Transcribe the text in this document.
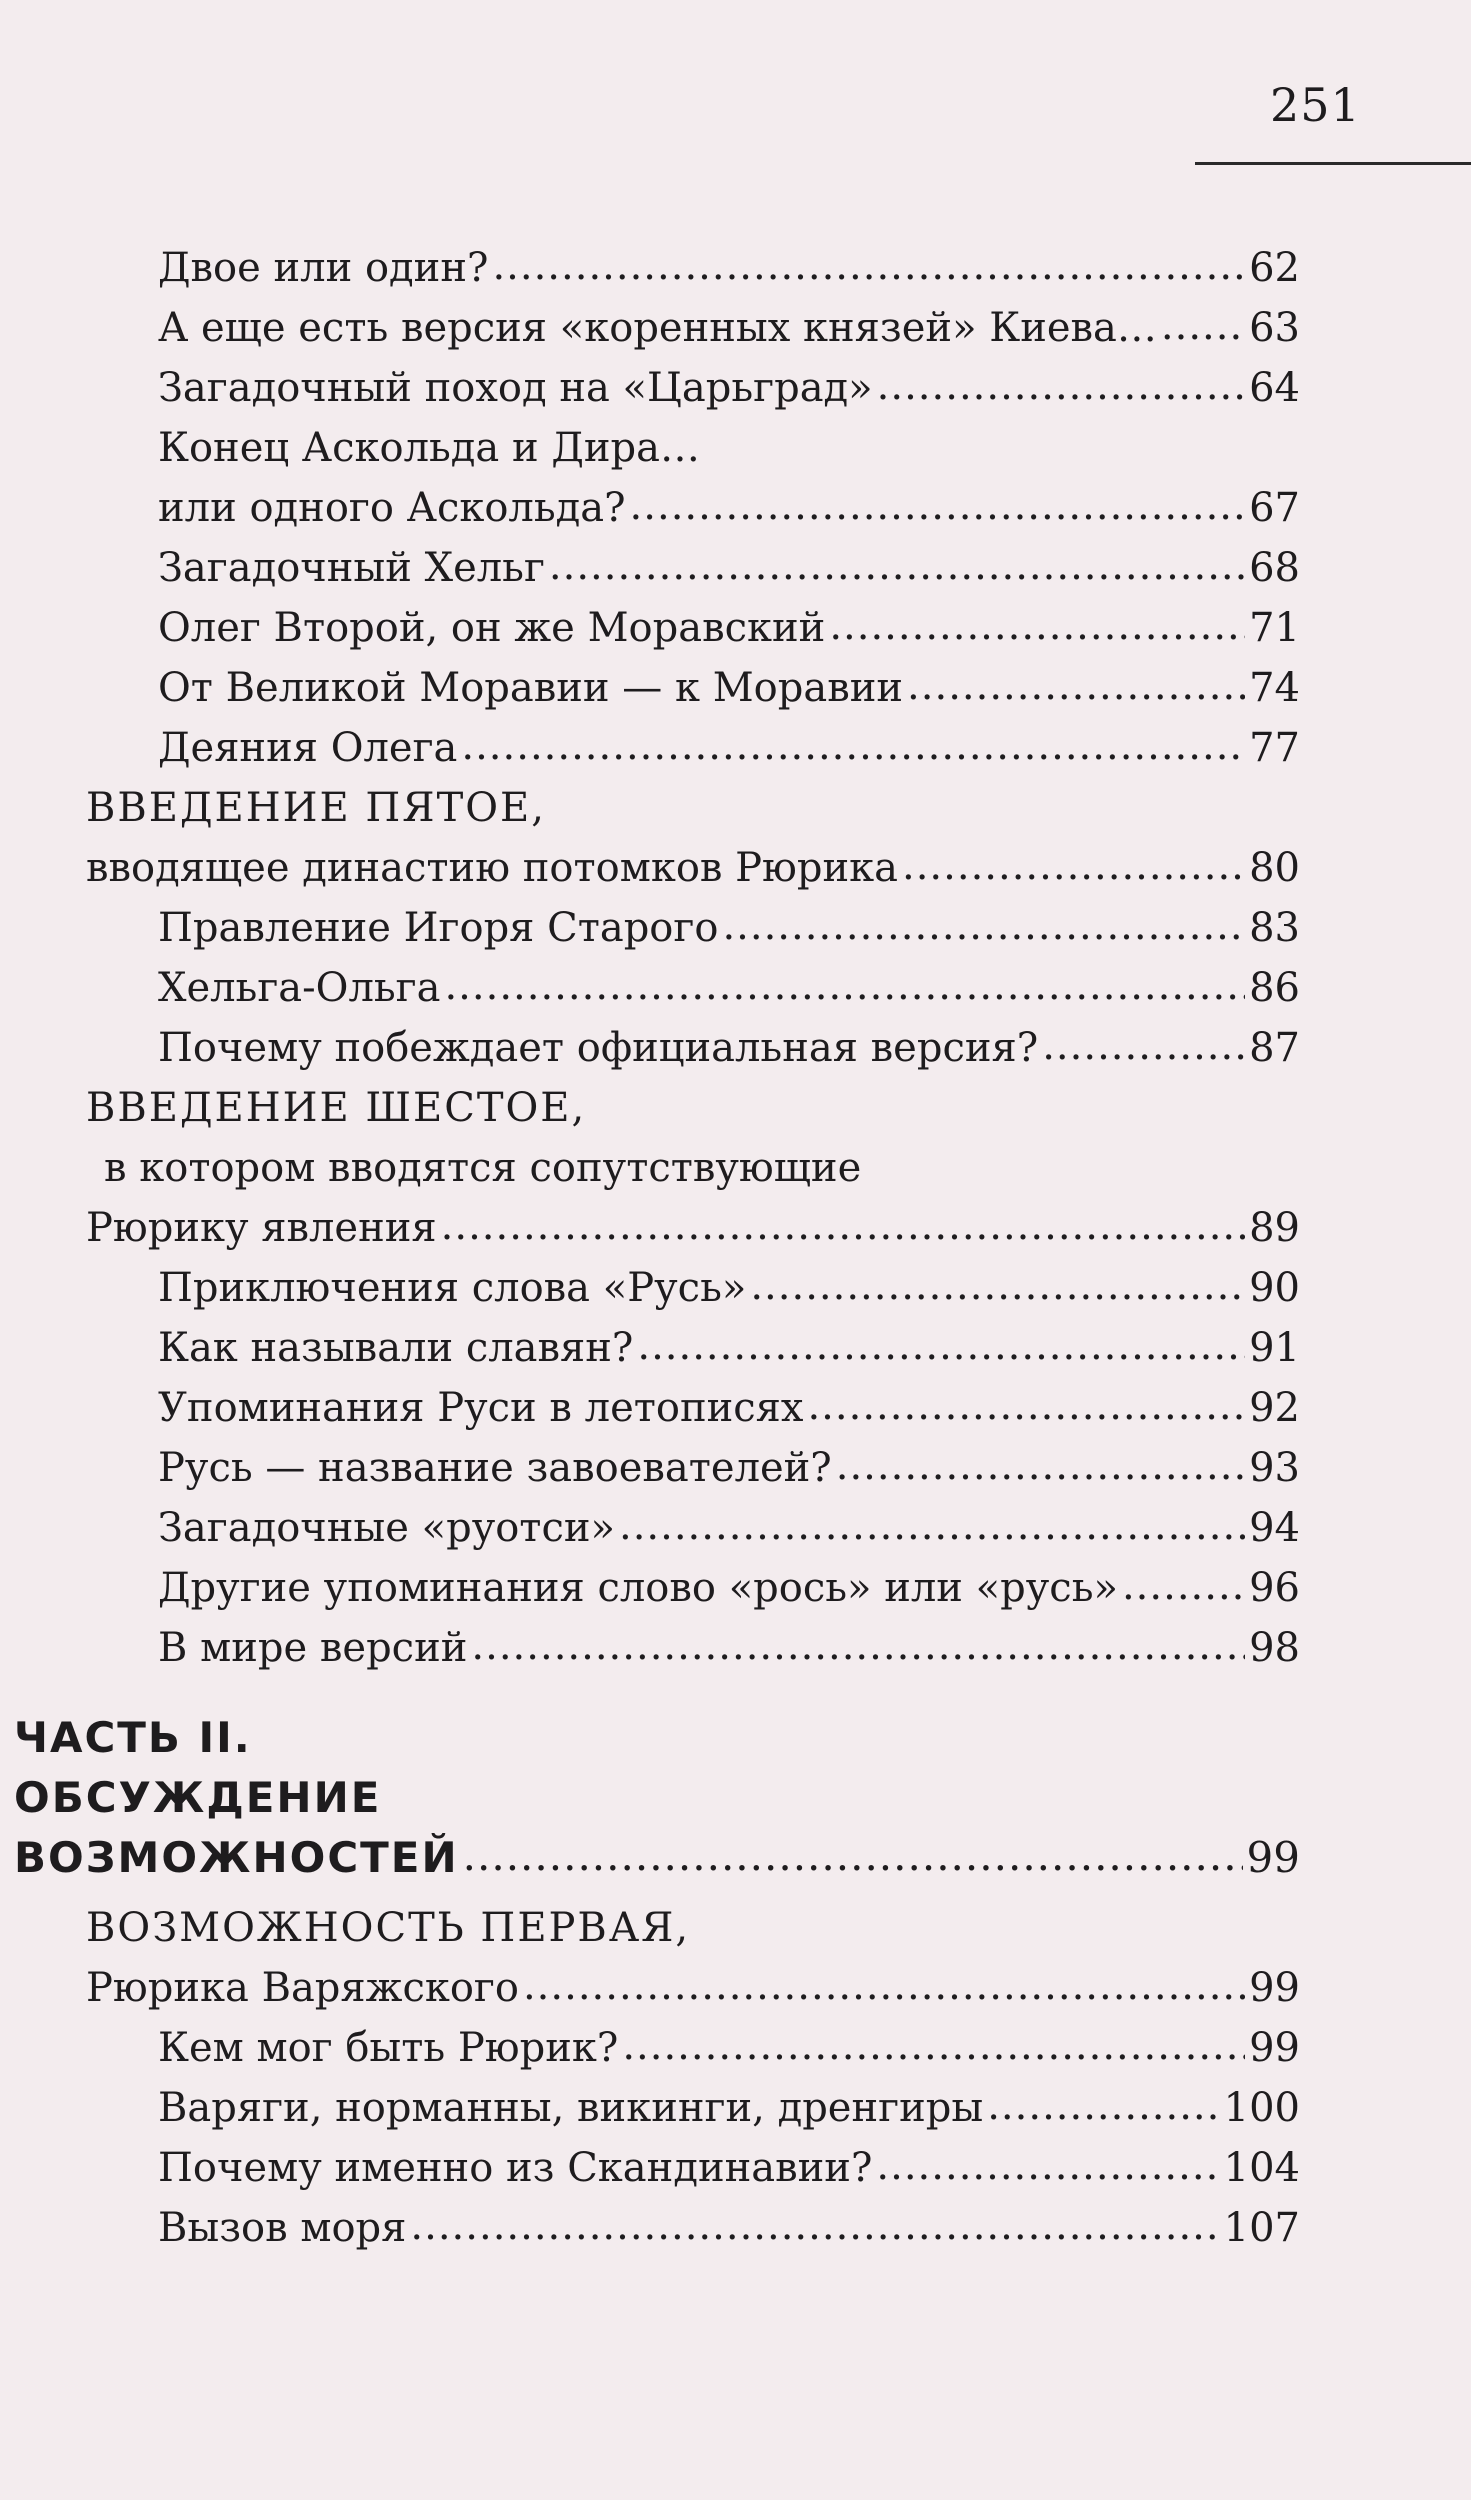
251
Двое или один? .....	62
А еще есть версия «коренных князей» Киева… ..... 63
Загадочный поход на «Царьград» .....	64
Конец Аскольда и Дира…
или одного Аскольда? .....	67
Загадочный Хельг .....	68
Олег Второй, он же Моравский .....	71
От Великой Моравии — к Моравии .....	74
Деяния Олега .....	77
ВВЕДЕНИЕ ПЯТОЕ,
вводящее династию потомков Рюрика .....	80
Правление Игоря Старого .....	83
Хельга-Ольга .....	86
Почему побеждает официальная версия? .....	87
ВВЕДЕНИЕ ШЕСТОЕ,
в котором вводятся сопутствующие
Рюрику явления .....	89
Приключения слова «Русь» .....	90
Как называли славян? .....	91
Упоминания Руси в летописях .....	92
Русь — название завоевателей? .....	93
Загадочные «руотси» .....	94
Другие упоминания слово «рось» или «русь» .....	96
В мире версий .....	98
ЧАСТЬ II.
ОБСУЖДЕНИЕ
ВОЗМОЖНОСТЕЙ .....	99
ВОЗМОЖНОСТЬ ПЕРВАЯ,
Рюрика Варяжского .....	99
Кем мог быть Рюрик? .....	99
Варяги, норманны, викинги, дренгиры .....	100
Почему именно из Скандинавии? .....	104
Вызов моря .....	107
